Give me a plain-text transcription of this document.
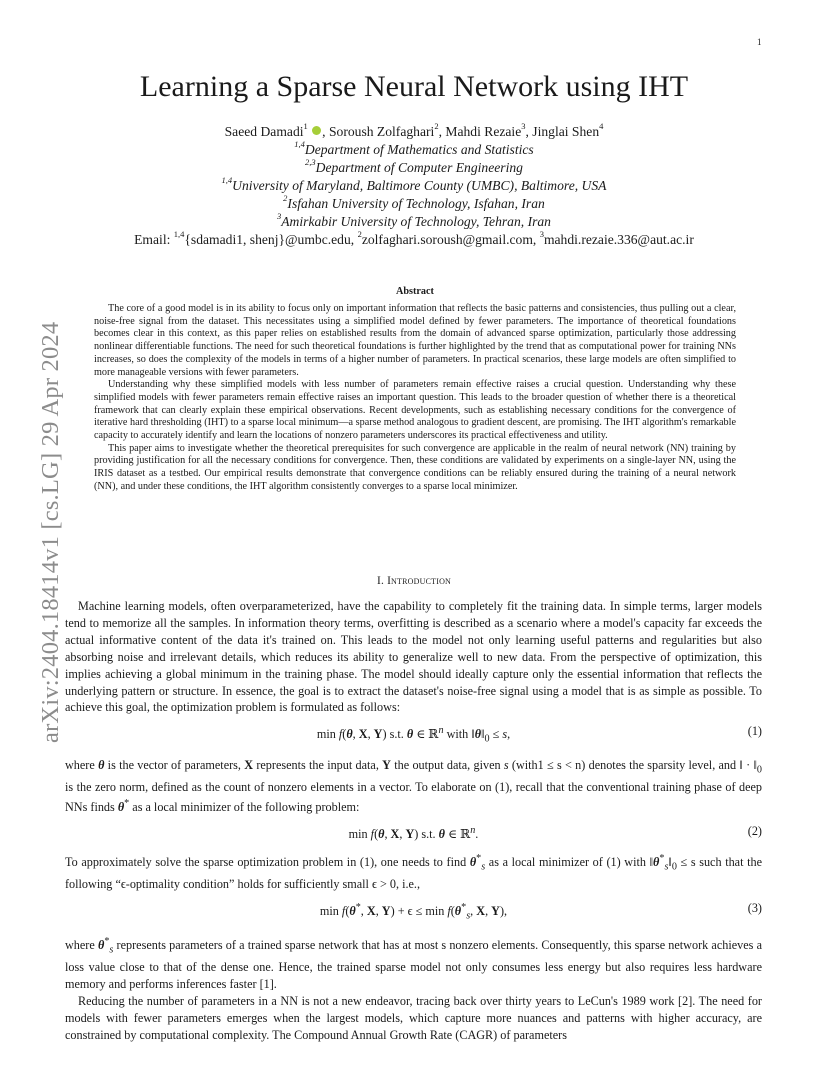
1
arXiv:2404.18414v1 [cs.LG] 29 Apr 2024
Learning a Sparse Neural Network using IHT
Saeed Damadi$^1$ , Soroush Zolfaghari$^2$, Mahdi Rezaie$^3$, Jinglai Shen$^4$
$^{1,4}$Department of Mathematics and Statistics
$^{2,3}$Department of Computer Engineering
$^{1,4}$University of Maryland, Baltimore County (UMBC), Baltimore, USA
$^2$Isfahan University of Technology, Isfahan, Iran
$^3$Amirkabir University of Technology, Tehran, Iran
Email: $^{1,4}${sdamadi1, shenj}@umbc.edu, $^2$zolfaghari.soroush@gmail.com, $^3$mahdi.rezaie.336@aut.ac.ir
Abstract

The core of a good model is in its ability to focus only on important information that reflects the basic patterns and consistencies, thus pulling out a clear, noise-free signal from the dataset. This necessitates using a simplified model defined by fewer parameters. The importance of theoretical foundations becomes clear in this context, as this paper relies on established results from the domain of advanced sparse optimization, particularly those addressing nonlinear differentiable functions. The need for such theoretical foundations is further highlighted by the trend that as computational power for training NNs increases, so does the complexity of the models in terms of a higher number of parameters. In practical scenarios, these large models are often simplified to more manageable versions with fewer parameters.

Understanding why these simplified models with less number of parameters remain effective raises a crucial question. Understanding why these simplified models with fewer parameters remain effective raises an important question. This leads to the broader question of whether there is a theoretical framework that can clearly explain these empirical observations. Recent developments, such as establishing necessary conditions for the convergence of iterative hard thresholding (IHT) to a sparse local minimum—a sparse method analogous to gradient descent, are promising. The IHT algorithm's remarkable capacity to accurately identify and learn the locations of nonzero parameters underscores its practical effectiveness and utility.

This paper aims to investigate whether the theoretical prerequisites for such convergence are applicable in the realm of neural network (NN) training by providing justification for all the necessary conditions for convergence. Then, these conditions are validated by experiments on a single-layer NN, using the IRIS dataset as a testbed. Our empirical results demonstrate that convergence conditions can be reliably ensured during the training of a neural network (NN), and under these conditions, the IHT algorithm consistently converges to a sparse local minimizer.

I. Introduction

Machine learning models, often overparameterized, have the capability to completely fit the training data. In simple terms, larger models tend to memorize all the samples. In information theory terms, overfitting is described as a scenario where a model's capacity far exceeds the actual informative content of the data it's trained on. This leads to the model not only learning useful patterns and regularities but also absorbing noise and irrelevant details, which reduces its ability to generalize well to new data. From the perspective of optimization, this implies achieving a global minimum in the training phase. The model should ideally capture only the essential information that reflects the underlying pattern or structure. In essence, the goal is to extract the dataset's noise-free signal using a model that is as simple as possible. To achieve this goal, the optimization problem is formulated as follows:

min f(θ, X, Y) s.t. θ ∈ ℝ$^n$ with $‖\theta‖_0 \le s$,	(1)

where θ is the vector of parameters, X represents the input data, Y the output data, given s (with1 ≤ s < n) denotes the sparsity level, and ‖ · $‖_0$ is the zero norm, defined as the count of nonzero elements in a vector. To elaborate on (1), recall that the conventional training phase of deep NNs finds θ* as a local minimizer of the following problem:

min f(θ, X, Y) s.t. θ ∈ ℝ$^n$.	(2)

To approximately solve the sparse optimization problem in (1), one needs to find $\theta^*_s$ as a local minimizer of (1) with $‖\theta^*_s‖_0 \le s$ such that the following “ϵ-optimality condition” holds for sufficiently small ϵ > 0, i.e.,

min f(θ*, X, $Y) + \epsilon \le \min f(\theta^*_s$, X, Y),	(3)

where $\theta^*_s$ represents parameters of a trained sparse network that has at most s nonzero elements. Consequently, this sparse network achieves a loss value close to that of the dense one. Hence, the trained sparse model not only consumes less energy but also requires less hardware memory and performs inferences faster [1].

Reducing the number of parameters in a NN is not a new endeavor, tracing back over thirty years to LeCun's 1989 work [2]. The need for models with fewer parameters emerges when the largest models, which capture more nuances and patterns with higher accuracy, are constrained by computational complexity. The Compound Annual Growth Rate (CAGR) of parameters
